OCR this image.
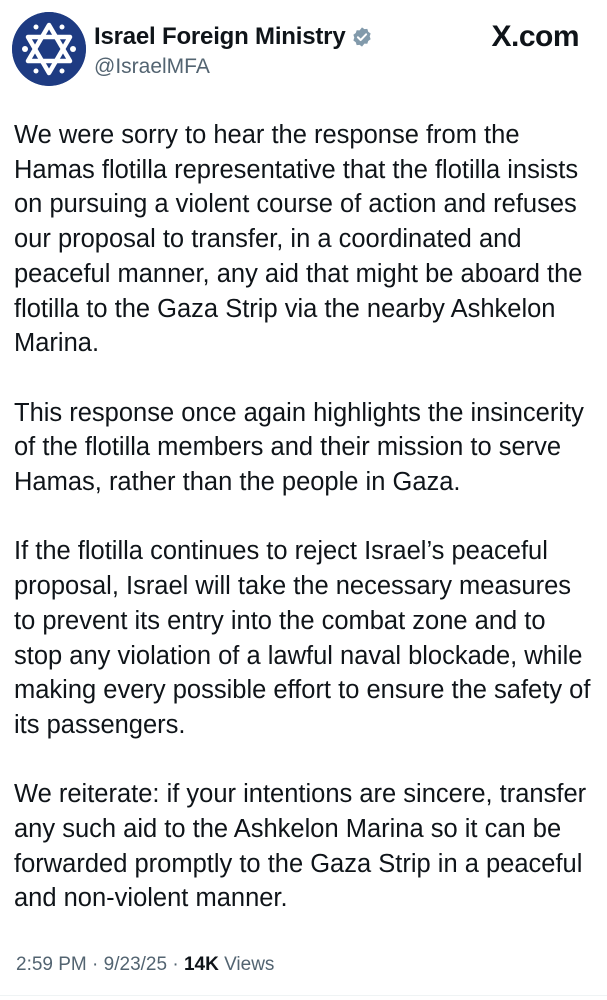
Israel Foreign Ministry
@IsraelMFA
X.com

We were sorry to hear the response from the Hamas flotilla representative that the flotilla insists on pursuing a violent course of action and refuses our proposal to transfer, in a coordinated and peaceful manner, any aid that might be aboard the flotilla to the Gaza Strip via the nearby Ashkelon Marina.

This response once again highlights the insincerity of the flotilla members and their mission to serve Hamas, rather than the people in Gaza.

If the flotilla continues to reject Israel’s peaceful proposal, Israel will take the necessary measures to prevent its entry into the combat zone and to stop any violation of a lawful naval blockade, while making every possible effort to ensure the safety of its passengers.

We reiterate: if your intentions are sincere, transfer any such aid to the Ashkelon Marina so it can be forwarded promptly to the Gaza Strip in a peaceful and non-violent manner.

2:59 PM · 9/23/25 · 14K Views
